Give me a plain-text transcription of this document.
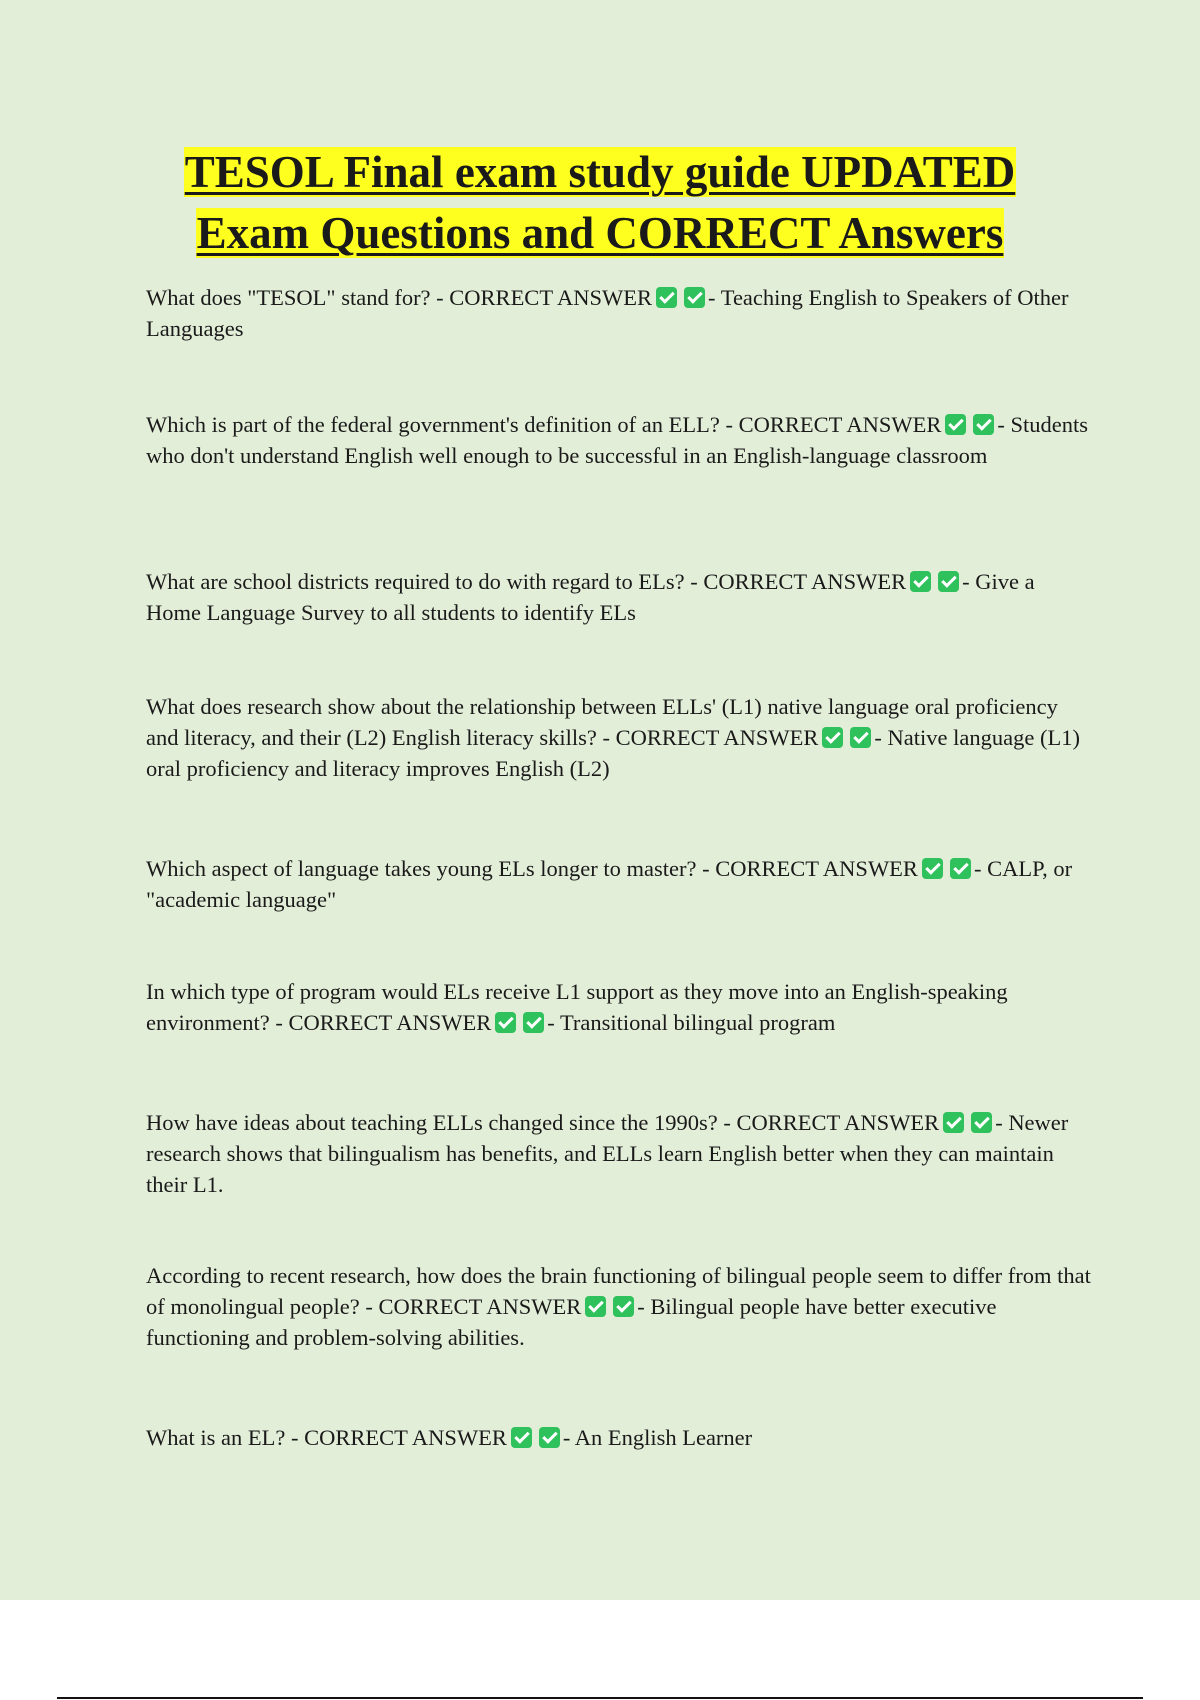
TESOL Final exam study guide UPDATED
Exam Questions and CORRECT Answers

What does "TESOL" stand for? - CORRECT ANSWER - Teaching English to Speakers of Other Languages

Which is part of the federal government's definition of an ELL? - CORRECT ANSWER - Students who don't understand English well enough to be successful in an English-language classroom

What are school districts required to do with regard to ELs? - CORRECT ANSWER - Give a Home Language Survey to all students to identify ELs

What does research show about the relationship between ELLs' (L1) native language oral proficiency and literacy, and their (L2) English literacy skills? - CORRECT ANSWER - Native language (L1) oral proficiency and literacy improves English (L2)

Which aspect of language takes young ELs longer to master? - CORRECT ANSWER - CALP, or "academic language"

In which type of program would ELs receive L1 support as they move into an English-speaking environment? - CORRECT ANSWER - Transitional bilingual program

How have ideas about teaching ELLs changed since the 1990s? - CORRECT ANSWER - Newer research shows that bilingualism has benefits, and ELLs learn English better when they can maintain their L1.

According to recent research, how does the brain functioning of bilingual people seem to differ from that of monolingual people? - CORRECT ANSWER - Bilingual people have better executive functioning and problem-solving abilities.

What is an EL? - CORRECT ANSWER - An English Learner
